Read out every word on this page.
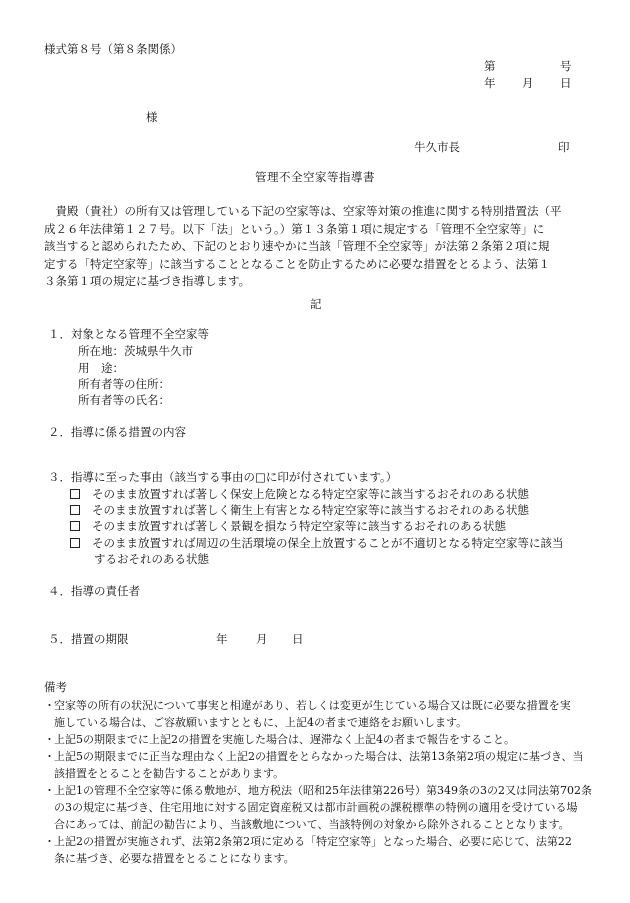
様式第８号（第８条関係）
第	号
年 月 日
様
牛久市長	印
管理不全空家等指導書
　貴殿（貴社）の所有又は管理している下記の空家等は、空家等対策の推進に関する特別措置法（平
成２６年法律第１２７号。以下「法」という。）第１３条第１項に規定する「管理不全空家等」に
該当すると認められたため、下記のとおり速やかに当該「管理不全空家等」が法第２条第２項に規
定する「特定空家等」に該当することとなることを防止するために必要な措置をとるよう、法第１
３条第１項の規定に基づき指導します。
記
１．対象となる管理不全空家等
所在地：茨城県牛久市
用　途：
所有者等の住所：
所有者等の氏名：
２．指導に係る措置の内容
３．指導に至った事由（該当する事由の□に印が付されています。）
そのまま放置すれば著しく保安上危険となる特定空家等に該当するおそれのある状態
そのまま放置すれば著しく衛生上有害となる特定空家等に該当するおそれのある状態
そのまま放置すれば著しく景観を損なう特定空家等に該当するおそれのある状態
そのまま放置すれば周辺の生活環境の保全上放置することが不適切となる特定空家等に該当
するおそれのある状態
４．指導の責任者
５．措置の期限	年 月 日
備考
・ 空家等の所有の状況について事実と相違があり、若しくは変更が生じている場合又は既に必要な措置を実
施している場合は、ご容赦願いますとともに、上記4の者まで連絡をお願いします。
・ 上記5の期限までに上記2の措置を実施した場合は、遅滞なく上記4の者まで報告をすること。
・ 上記5の期限までに正当な理由なく上記2の措置をとらなかった場合は、法第13条第2項の規定に基づき、当
該措置をとることを勧告することがあります。
・ 上記1の管理不全空家等に係る敷地が、地方税法（昭和25年法律第226号）第349条の3の2又は同法第702条
の3の規定に基づき、住宅用地に対する固定資産税又は都市計画税の課税標準の特例の適用を受けている場
合にあっては、前記の勧告により、当該敷地について、当該特例の対象から除外されることとなります。
・ 上記2の措置が実施されず、法第2条第2項に定める「特定空家等」となった場合、必要に応じて、法第22
条に基づき、必要な措置をとることになります。
